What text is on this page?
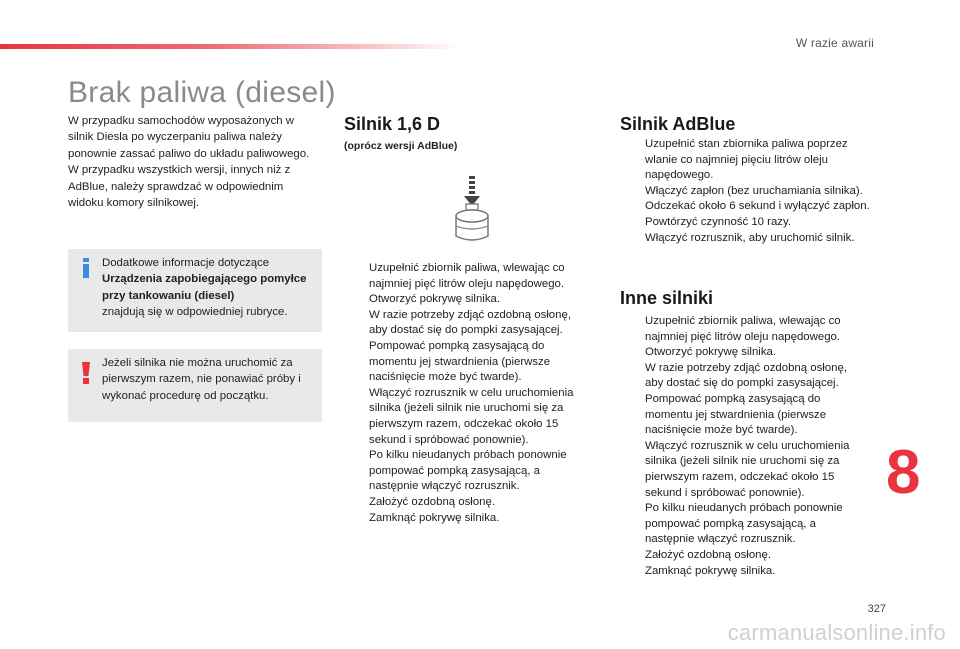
W razie awarii
Brak paliwa (diesel)

W przypadku samochodów wyposażonych w silnik Diesla po wyczerpaniu paliwa należy ponownie zassać paliwo do układu paliwowego.

W przypadku wszystkich wersji, innych niż z AdBlue, należy sprawdzać w odpowiednim widoku komory silnikowej.

Dodatkowe informacje dotyczące
Urządzenia zapobiegającego pomyłce przy tankowaniu (diesel)
znajdują się w odpowiedniej rubryce.
Jeżeli silnika nie można uruchomić za pierwszym razem, nie ponawiać próby i wykonać procedurę od początku.
Silnik 1,6 D
(oprócz wersji AdBlue)
Uzupełnić zbiornik paliwa, wlewając co najmniej pięć litrów oleju napędowego.
Otworzyć pokrywę silnika.
W razie potrzeby zdjąć ozdobną osłonę, aby dostać się do pompki zasysającej.
Pompować pompką zasysającą do momentu jej stwardnienia (pierwsze naciśnięcie może być twarde).
Włączyć rozrusznik w celu uruchomienia silnika (jeżeli silnik nie uruchomi się za pierwszym razem, odczekać około 15 sekund i spróbować ponownie).
Po kilku nieudanych próbach ponownie pompować pompką zasysającą, a następnie włączyć rozrusznik.
Założyć ozdobną osłonę.
Zamknąć pokrywę silnika.
Silnik AdBlue
Uzupełnić stan zbiornika paliwa poprzez wlanie co najmniej pięciu litrów oleju napędowego.
Włączyć zapłon (bez uruchamiania silnika).
Odczekać około 6 sekund i wyłączyć zapłon.
Powtórzyć czynność 10 razy.
Włączyć rozrusznik, aby uruchomić silnik.
Inne silniki
Uzupełnić zbiornik paliwa, wlewając co najmniej pięć litrów oleju napędowego.
Otworzyć pokrywę silnika.
W razie potrzeby zdjąć ozdobną osłonę, aby dostać się do pompki zasysającej.
Pompować pompką zasysającą do momentu jej stwardnienia (pierwsze naciśnięcie może być twarde).
Włączyć rozrusznik w celu uruchomienia silnika (jeżeli silnik nie uruchomi się za pierwszym razem, odczekać około 15 sekund i spróbować ponownie).
Po kilku nieudanych próbach ponownie pompować pompką zasysającą, a następnie włączyć rozrusznik.
Założyć ozdobną osłonę.
Zamknąć pokrywę silnika.
8
327
carmanualsonline.info
